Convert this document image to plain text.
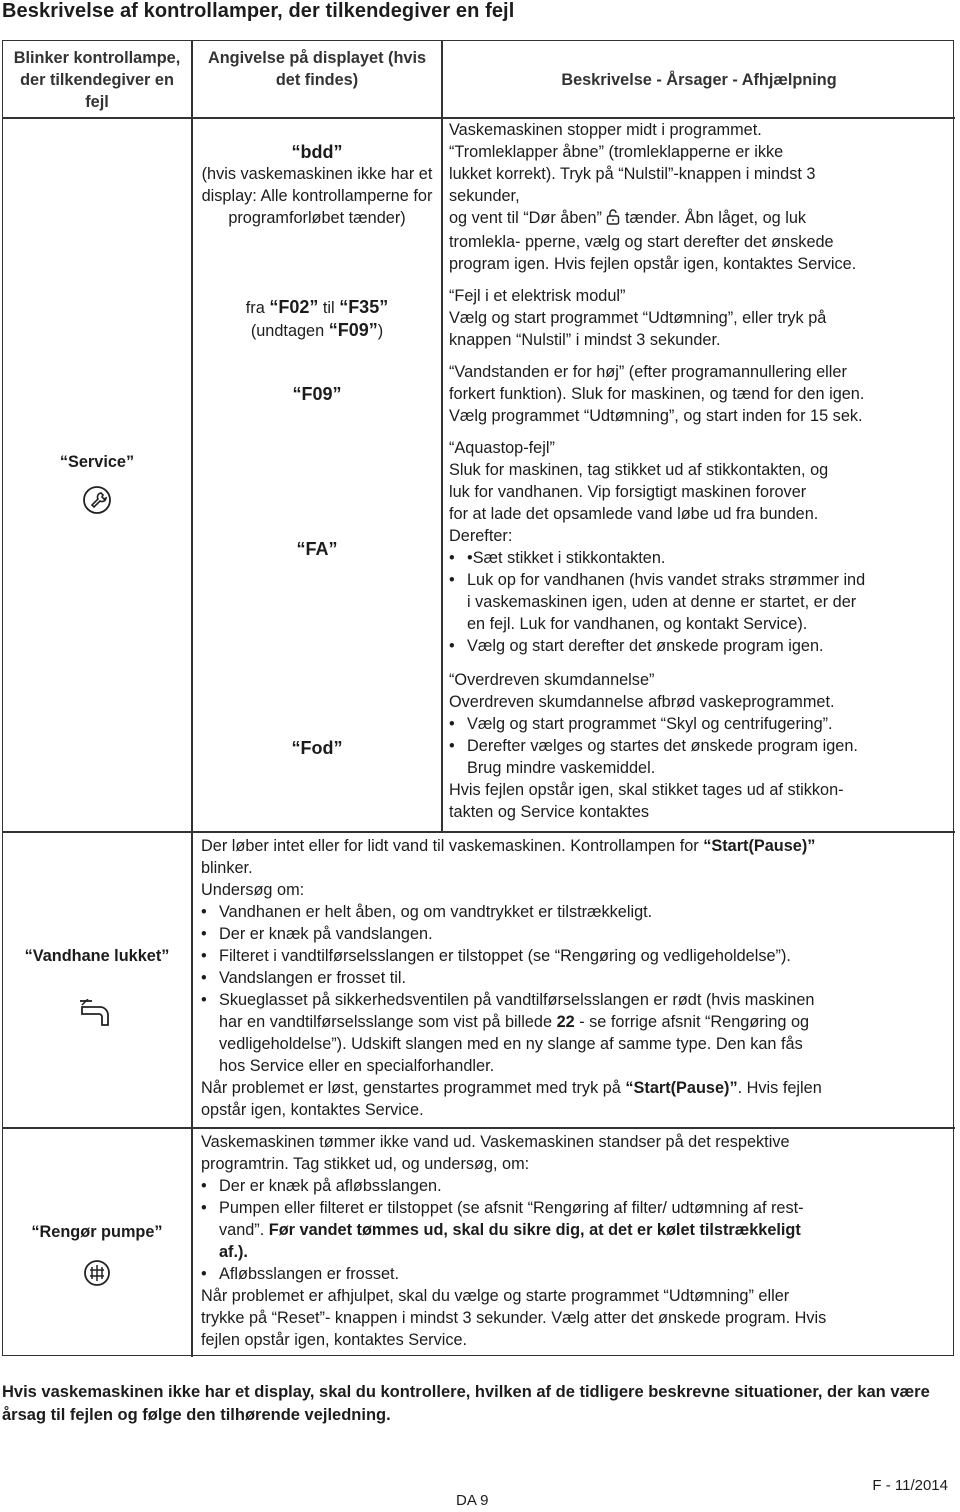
Beskrivelse af kontrollamper, der tilkendegiver en fejl
Blinker kontrollampe, der tilkendegiver en fejl
Angivelse på displayet (hvis det findes)	Beskrivelse - Årsager - Afhjælpning
“Service”
“Vandhane lukket”
“Rengør pumpe”
“bdd”
(hvis vaskemaskinen ikke har et display: Alle kontrollamperne for programforløbet tænder)
fra “F02” til “F35”
(undtagen “F09”)
“F09”
“FA”
“Fod”
Vaskemaskinen stopper midt i programmet.
“Tromleklapper åbne” (tromleklapperne er ikke
lukket korrekt). Tryk på “Nulstil”-knappen i mindst 3
sekunder,
og vent til “Dør åben” tænder. Åbn låget, og luk
tromlekla- pperne, vælg og start derefter det ønskede
program igen. Hvis fejlen opstår igen, kontaktes Service.
“Fejl i et elektrisk modul”
Vælg og start programmet “Udtømning”, eller tryk på
knappen “Nulstil” i mindst 3 sekunder.
“Vandstanden er for høj” (efter programannullering eller
forkert funktion). Sluk for maskinen, og tænd for den igen.
Vælg programmet “Udtømning”, og start inden for 15 sek.
“Aquastop-fejl”
Sluk for maskinen, tag stikket ud af stikkontakten, og
luk for vandhanen. Vip forsigtigt maskinen forover
for at lade det opsamlede vand løbe ud fra bunden.
Derefter:
• •Sæt stikket i stikkontakten.
• Luk op for vandhanen (hvis vandet straks strømmer ind
i vaskemaskinen igen, uden at denne er startet, er der
en fejl. Luk for vandhanen, og kontakt Service).
• Vælg og start derefter det ønskede program igen.
“Overdreven skumdannelse”
Overdreven skumdannelse afbrød vaskeprogrammet.
• Vælg og start programmet “Skyl og centrifugering”.
• Derefter vælges og startes det ønskede program igen.
Brug mindre vaskemiddel.
Hvis fejlen opstår igen, skal stikket tages ud af stikkon-
takten og Service kontaktes
Der løber intet eller for lidt vand til vaskemaskinen. Kontrollampen for “Start(Pause)”
blinker.
Undersøg om:
• Vandhanen er helt åben, og om vandtrykket er tilstrækkeligt.
• Der er knæk på vandslangen.
• Filteret i vandtilførselsslangen er tilstoppet (se “Rengøring og vedligeholdelse”).
• Vandslangen er frosset til.
• Skueglasset på sikkerhedsventilen på vandtilførselsslangen er rødt (hvis maskinen
har en vandtilførselsslange som vist på billede 22 - se forrige afsnit “Rengøring og
vedligeholdelse”). Udskift slangen med en ny slange af samme type. Den kan fås
hos Service eller en specialforhandler.
Når problemet er løst, genstartes programmet med tryk på “Start(Pause)”. Hvis fejlen
opstår igen, kontaktes Service.
Vaskemaskinen tømmer ikke vand ud. Vaskemaskinen standser på det respektive
programtrin. Tag stikket ud, og undersøg, om:
• Der er knæk på afløbsslangen.
• Pumpen eller filteret er tilstoppet (se afsnit “Rengøring af filter/ udtømning af rest-
vand”. Før vandet tømmes ud, skal du sikre dig, at det er kølet tilstrækkeligt
af.).
• Afløbsslangen er frosset.
Når problemet er afhjulpet, skal du vælge og starte programmet “Udtømning” eller
trykke på “Reset”- knappen i mindst 3 sekunder. Vælg atter det ønskede program. Hvis
fejlen opstår igen, kontaktes Service.
Hvis vaskemaskinen ikke har et display, skal du kontrollere, hvilken af de tidligere beskrevne situationer, der kan være årsag til fejlen og følge den tilhørende vejledning.
F - 11/2014
DA 9
